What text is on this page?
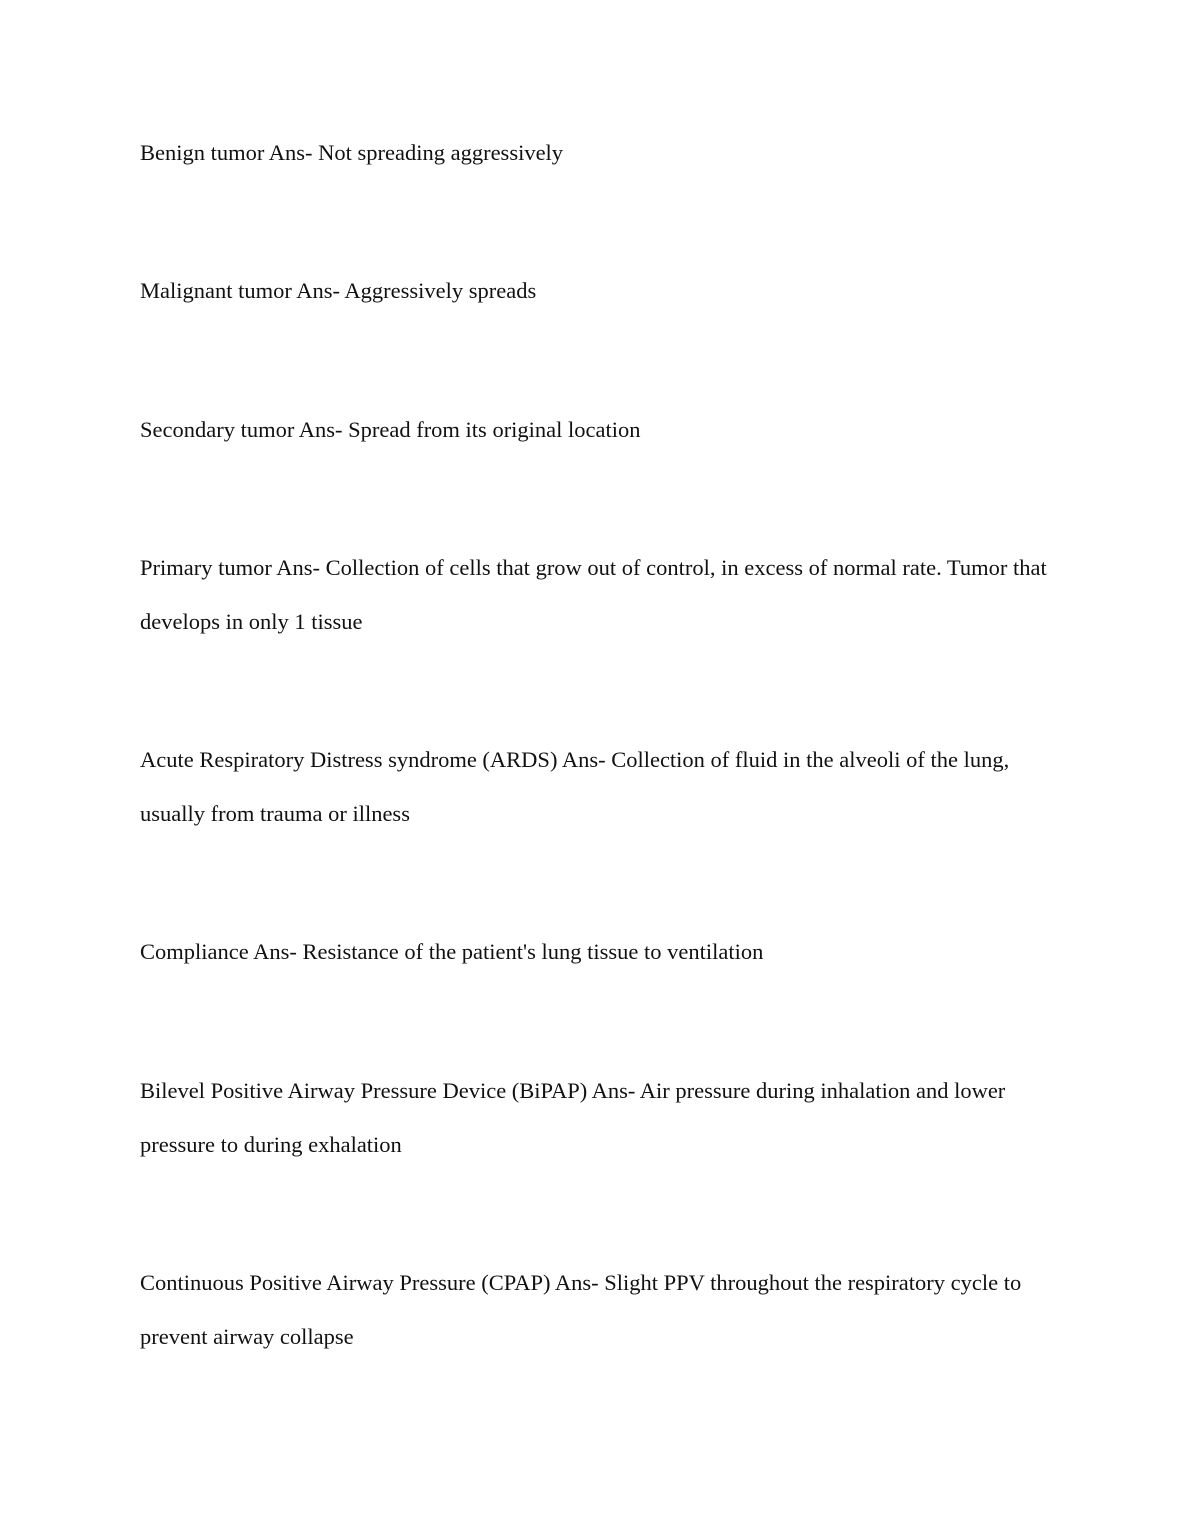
Benign tumor Ans- Not spreading aggressively

Malignant tumor Ans- Aggressively spreads

Secondary tumor Ans- Spread from its original location

Primary tumor Ans- Collection of cells that grow out of control, in excess of normal rate. Tumor that develops in only 1 tissue

Acute Respiratory Distress syndrome (ARDS) Ans- Collection of fluid in the alveoli of the lung, usually from trauma or illness

Compliance Ans- Resistance of the patient's lung tissue to ventilation

Bilevel Positive Airway Pressure Device (BiPAP) Ans- Air pressure during inhalation and lower pressure to during exhalation

Continuous Positive Airway Pressure (CPAP) Ans- Slight PPV throughout the respiratory cycle to prevent airway collapse
